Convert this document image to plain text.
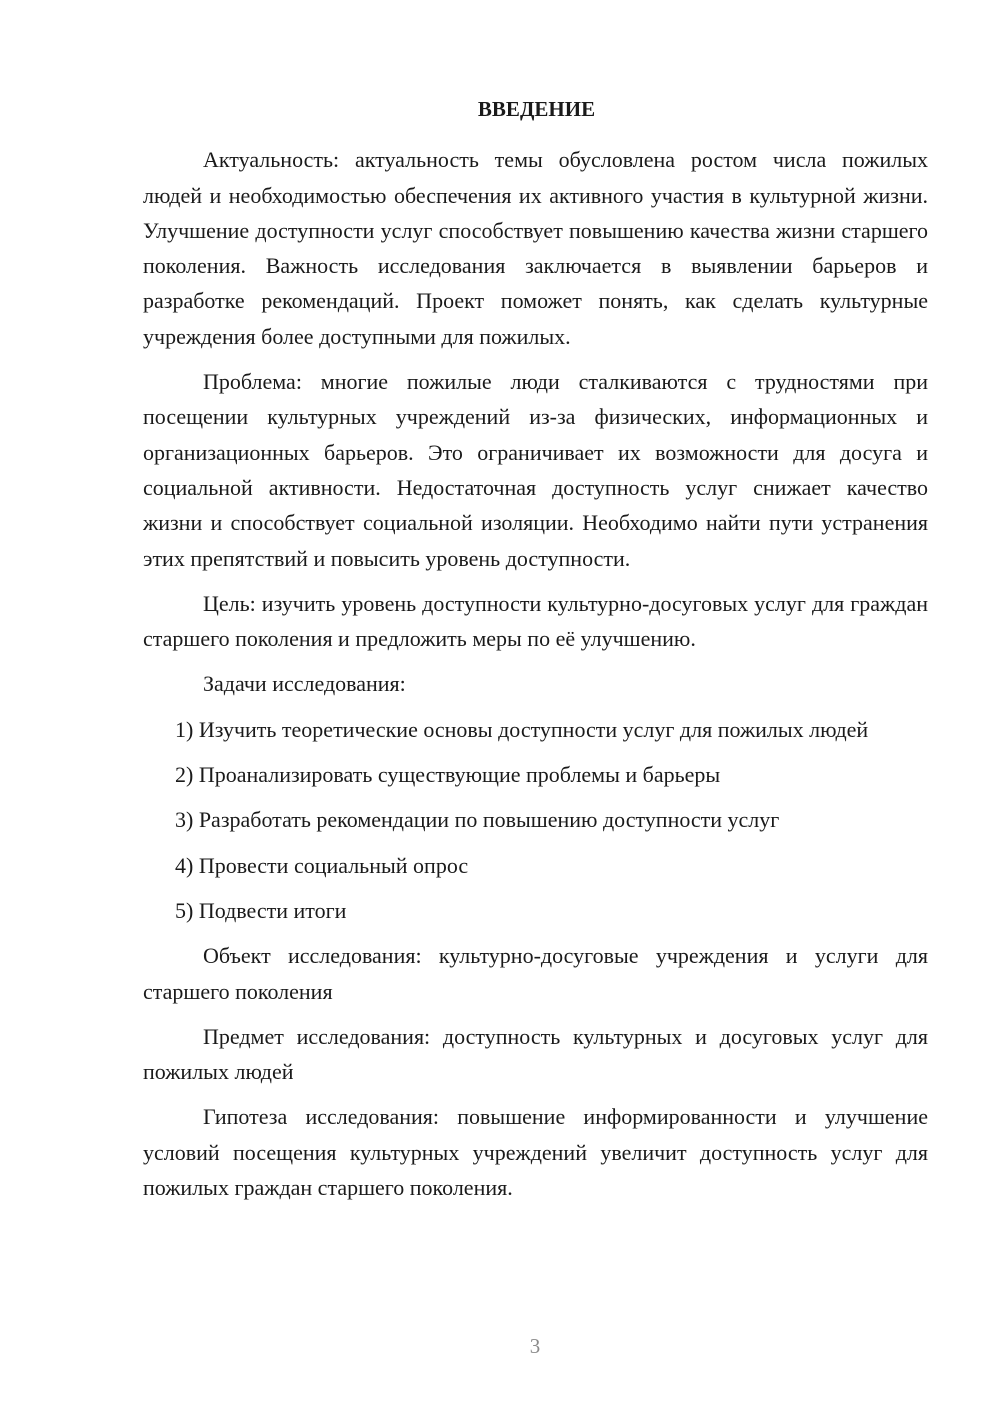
ВВЕДЕНИЕ

Актуальность: актуальность темы обусловлена ростом числа пожилых людей и необходимостью обеспечения их активного участия в культурной жизни. Улучшение доступности услуг способствует повышению качества жизни старшего поколения. Важность исследования заключается в выявлении барьеров и разработке рекомендаций. Проект поможет понять, как сделать культурные учреждения более доступными для пожилых.

Проблема: многие пожилые люди сталкиваются с трудностями при посещении культурных учреждений из-за физических, информационных и организационных барьеров. Это ограничивает их возможности для досуга и социальной активности. Недостаточная доступность услуг снижает качество жизни и способствует социальной изоляции. Необходимо найти пути устранения этих препятствий и повысить уровень доступности.

Цель: изучить уровень доступности культурно-досуговых услуг для граждан старшего поколения и предложить меры по её улучшению.

Задачи исследования:

1) Изучить теоретические основы доступности услуг для пожилых людей

2) Проанализировать существующие проблемы и барьеры

3) Разработать рекомендации по повышению доступности услуг

4) Провести социальный опрос

5) Подвести итоги

Объект исследования: культурно-досуговые учреждения и услуги для старшего поколения

Предмет исследования: доступность культурных и досуговых услуг для пожилых людей

Гипотеза исследования: повышение информированности и улучшение условий посещения культурных учреждений увеличит доступность услуг для пожилых граждан старшего поколения.

3
